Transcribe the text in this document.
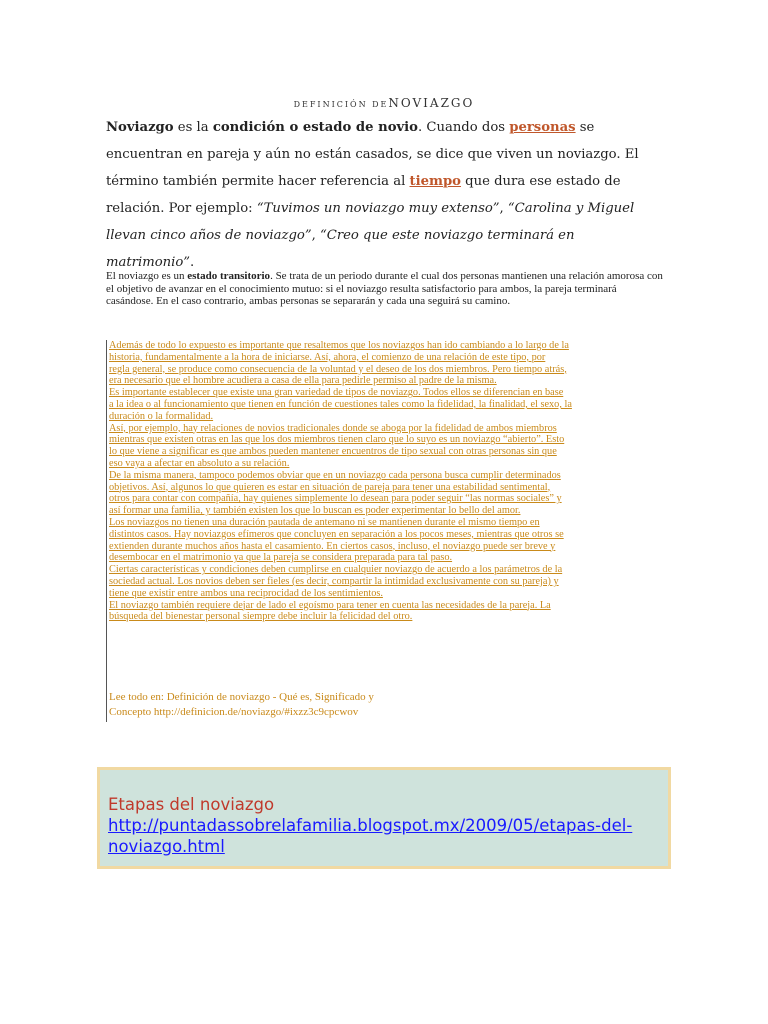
DEFINICIÓN DENOVIAZGO
Noviazgo es la condición o estado de novio. Cuando dos personas se encuentran en pareja y aún no están casados, se dice que viven un noviazgo. El término también permite hacer referencia al tiempo que dura ese estado de relación. Por ejemplo: “Tuvimos un noviazgo muy extenso”, “Carolina y Miguel llevan cinco años de noviazgo”, “Creo que este noviazgo terminará en matrimonio”.
El noviazgo es un estado transitorio. Se trata de un periodo durante el cual dos personas mantienen una relación amorosa con el objetivo de avanzar en el conocimiento mutuo: si el noviazgo resulta satisfactorio para ambos, la pareja terminará casándose. En el caso contrario, ambas personas se separarán y cada una seguirá su camino.
Además de todo lo expuesto es importante que resaltemos que los noviazgos han ido cambiando a lo largo de la
historia, fundamentalmente a la hora de iniciarse. Así, ahora, el comienzo de una relación de este tipo, por
regla general, se produce como consecuencia de la voluntad y el deseo de los dos miembros. Pero tiempo atrás,
era necesario que el hombre acudiera a casa de ella para pedirle permiso al padre de la misma.
Es importante establecer que existe una gran variedad de tipos de noviazgo. Todos ellos se diferencian en base
a la idea o al funcionamiento que tienen en función de cuestiones tales como la fidelidad, la finalidad, el sexo, la
duración o la formalidad.
Así, por ejemplo, hay relaciones de novios tradicionales donde se aboga por la fidelidad de ambos miembros
mientras que existen otras en las que los dos miembros tienen claro que lo suyo es un noviazgo “abierto”. Esto
lo que viene a significar es que ambos pueden mantener encuentros de tipo sexual con otras personas sin que
eso vaya a afectar en absoluto a su relación.
De la misma manera, tampoco podemos obviar que en un noviazgo cada persona busca cumplir determinados
objetivos. Así, algunos lo que quieren es estar en situación de pareja para tener una estabilidad sentimental,
otros para contar con compañía, hay quienes simplemente lo desean para poder seguir “las normas sociales” y
así formar una familia, y también existen los que lo buscan es poder experimentar lo bello del amor.
Los noviazgos no tienen una duración pautada de antemano ni se mantienen durante el mismo tiempo en
distintos casos. Hay noviazgos efímeros que concluyen en separación a los pocos meses, mientras que otros se
extienden durante muchos años hasta el casamiento. En ciertos casos, incluso, el noviazgo puede ser breve y
desembocar en el matrimonio ya que la pareja se considera preparada para tal paso.
Ciertas características y condiciones deben cumplirse en cualquier noviazgo de acuerdo a los parámetros de la
sociedad actual. Los novios deben ser fieles (es decir, compartir la intimidad exclusivamente con su pareja) y
tiene que existir entre ambos una reciprocidad de los sentimientos.
El noviazgo también requiere dejar de lado el egoísmo para tener en cuenta las necesidades de la pareja. La
búsqueda del bienestar personal siempre debe incluir la felicidad del otro.
Lee todo en: Definición de noviazgo - Qué es, Significado y
Concepto http://definicion.de/noviazgo/#ixzz3c9cpcwov
Etapas del noviazgo
http://puntadassobrelafamilia.blogspot.mx/2009/05/etapas-del-
noviazgo.html
